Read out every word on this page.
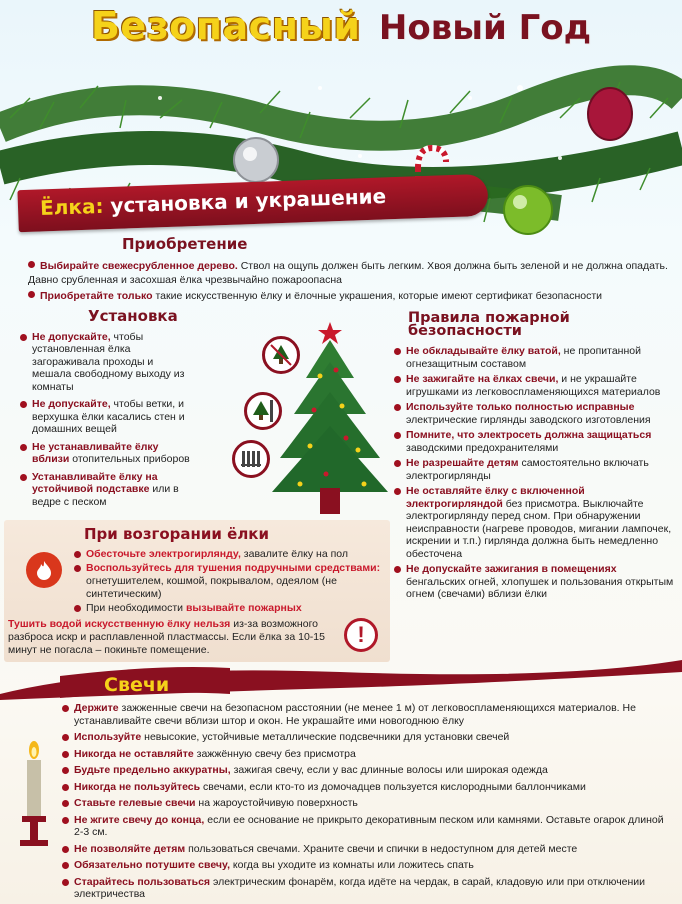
Безопасный Новый Год
Ёлка: установка и украшение
Приобретение
Выбирайте свежесрубленное дерево. Ствол на ощупь должен быть легким. Хвоя должна быть зеленой и не должна опадать. Давно срубленная и засохшая ёлка чрезвычайно пожароопасна
Приобретайте только такие искусственную ёлку и ёлочные украшения, которые имеют сертификат безопасности
Установка
Не допускайте, чтобы установленная ёлка загораживала проходы и мешала свободному выходу из комнаты
Не допускайте, чтобы ветки, и верхушка ёлки касались стен и домашних вещей
Не устанавливайте ёлку вблизи отопительных приборов
Устанавливайте ёлку на устойчивой подставке или в ведре с песком
Правила пожарной безопасности
Не обкладывайте ёлку ватой, не пропитанной огнезащитным составом
Не зажигайте на ёлках свечи, и не украшайте игрушками из легковоспламеняющихся материалов
Используйте только полностью исправные электрические гирлянды заводского изготовления
Помните, что электросеть должна защищаться заводскими предохранителями
Не разрешайте детям самостоятельно включать электрогирлянды
Не оставляйте ёлку с включенной электрогирляндой без присмотра. Выключайте электрогирлянду перед сном. При обнаружении неисправности (нагреве проводов, мигании лампочек, искрении и т.п.) гирлянда должна быть немедленно обесточена
Не допускайте зажигания в помещениях бенгальских огней, хлопушек и пользования открытым огнем (свечами) вблизи ёлки
При возгорании ёлки
Обесточьте электрогирлянду, завалите ёлку на пол
Воспользуйтесь для тушения подручными средствами: огнетушителем, кошмой, покрывалом, одеялом (не синтетическим)
При необходимости вызывайте пожарных
Тушить водой искусственную ёлку нельзя из-за возможного разброса искр и расплавленной пластмассы. Если ёлка за 10-15 минут не погасла – покиньте помещение.
!
Свечи
Держите зажженные свечи на безопасном расстоянии (не менее 1 м) от легковоспламеняющихся материалов. Не устанавливайте свечи вблизи штор и окон. Не украшайте ими новогоднюю ёлку
Используйте невысокие, устойчивые металлические подсвечники для установки свечей
Никогда не оставляйте зажжённую свечу без присмотра
Будьте предельно аккуратны, зажигая свечу, если у вас длинные волосы или широкая одежда
Никогда не пользуйтесь свечами, если кто-то из домочадцев пользуется кислородными баллончиками
Ставьте гелевые свечи на жароустойчивую поверхность
Не жгите свечу до конца, если ее основание не прикрыто декоративным песком или камнями. Оставьте огарок длиной 2-3 см.
Не позволяйте детям пользоваться свечами. Храните свечи и спички в недоступном для детей месте
Обязательно потушите свечу, когда вы уходите из комнаты или ложитесь спать
Старайтесь пользоваться электрическим фонарём, когда идёте на чердак, в сарай, кладовую или при отключении электричества
